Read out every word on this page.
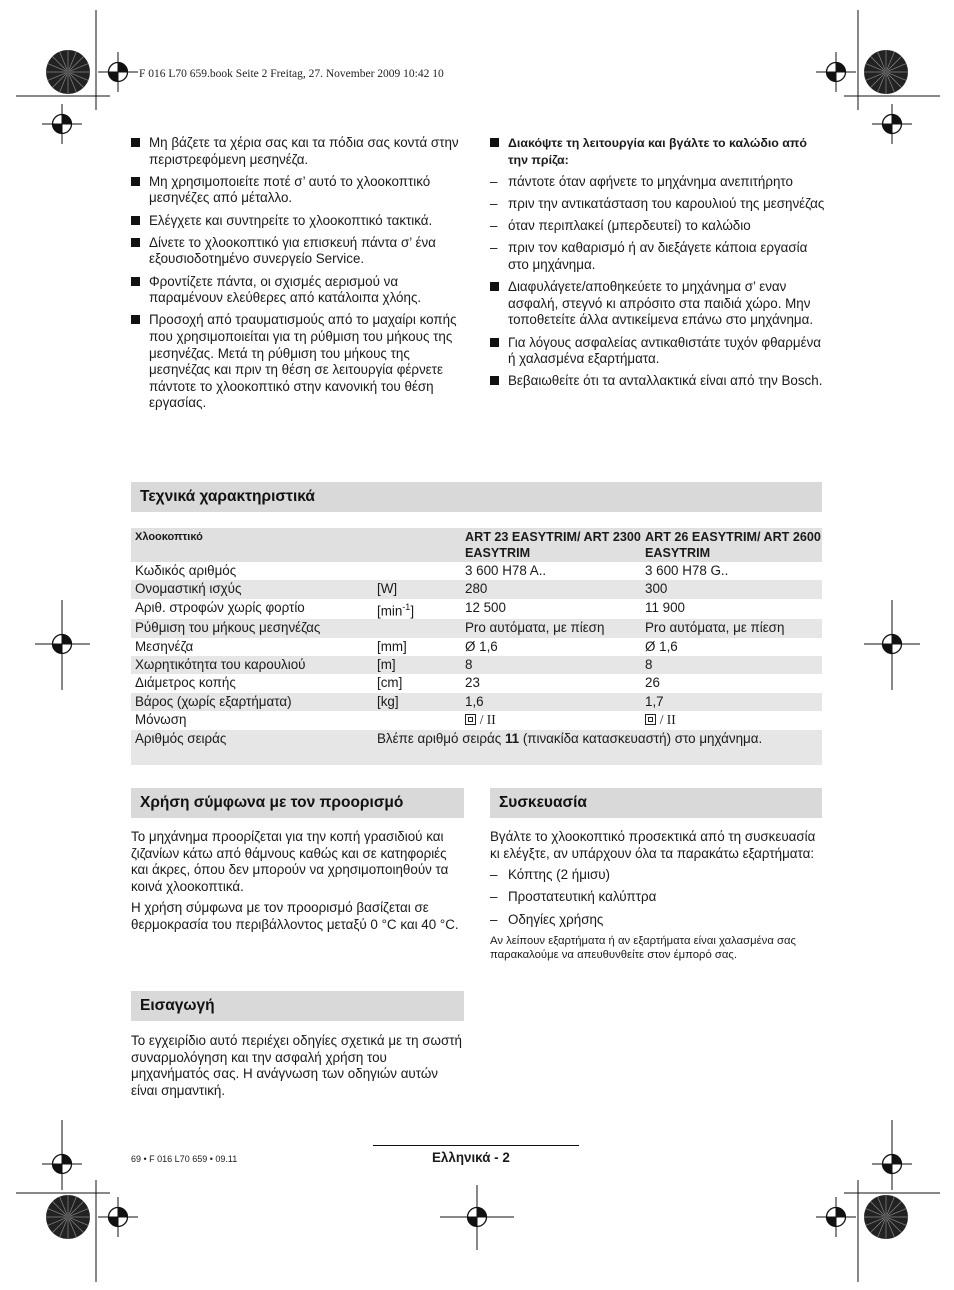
F 016 L70 659.book Seite 2 Freitag, 27. November 2009 10:42 10
Μη βάζετε τα χέρια σας και τα πόδια σας κοντά στην περιστρεφόμενη μεσηνέζα.
Μη χρησιμοποιείτε ποτέ σ’ αυτό το χλοοκοπτικό μεσηνέζες από μέταλλο.
Ελέγχετε και συντηρείτε το χλοοκοπτικό τακτικά.
Δίνετε το χλοοκοπτικό για επισκευή πάντα σ’ ένα εξουσιοδοτημένο συνεργείο Service.
Φροντίζετε πάντα, οι σχισμές αερισμού να παραμένουν ελεύθερες από κατάλοιπα χλόης.
Προσοχή από τραυματισμούς από το μαχαίρι κοπής που χρησιμοποιείται για τη ρύθμιση του μήκους της μεσηνέζας. Μετά τη ρύθμιση του μήκους της μεσηνέζας και πριν τη θέση σε λειτουργία φέρνετε πάντοτε το χλοοκοπτικό στην κανονική του θέση εργασίας.
Διακόψτε τη λειτουργία και βγάλτε το καλώδιο από την πρίζα:
– πάντοτε όταν αφήνετε το μηχάνημα ανεπιτήρητο
– πριν την αντικατάσταση του καρουλιού της μεσηνέζας
– όταν περιπλακεί (μπερδευτεί) το καλώδιο
– πριν τον καθαρισμό ή αν διεξάγετε κάποια εργασία στο μηχάνημα.
Διαφυλάγετε/αποθηκεύετε το μηχάνημα σ’ εναν ασφαλή, στεγνό κι απρόσιτο στα παιδιά χώρο. Μην τοποθετείτε άλλα αντικείμενα επάνω στο μηχάνημα.
Για λόγους ασφαλείας αντικαθιστάτε τυχόν φθαρμένα ή χαλασμένα εξαρτήματα.
Βεβαιωθείτε ότι τα ανταλλακτικά είναι από την Bosch.
Τεχνικά χαρακτηριστικά
Χλοοκοπτικό		ART 23 EASYTRIM/ ART 2300 EASYTRIM	ART 26 EASYTRIM/ ART 2600 EASYTRIM
Κωδικός αριθμός		3 600 H78 A..	3 600 H78 G..
Ονομαστική ισχύς	[W]	280	300
Αριθ. στροφών χωρίς φορτίο	$[\min^{-1}]$	12 500	11 900
Ρύθμιση του μήκους μεσηνέζας		Pro αυτόματα, με πίεση	Pro αυτόματα, με πίεση
Μεσηνέζα	[mm]	Ø 1,6	Ø 1,6
Χωρητικότητα του καρουλιού	[m]	8	8
Διάμετρος κοπής	[cm]	23	26
Βάρος (χωρίς εξαρτήματα)	[kg]	1,6	1,7
Μόνωση		/ II	/ II
Αριθμός σειράς	Βλέπε αριθμό σειράς 11 (πινακίδα κατασκευαστή) στο μηχάνημα.		
Χρήση σύμφωνα με τον προορισμό

Το μηχάνημα προορίζεται για την κοπή γρασιδιού και ζιζανίων κάτω από θάμνους καθώς και σε κατηφοριές και άκρες, όπου δεν μπορούν να χρησιμοποιηθούν τα κοινά χλοοκοπτικά.

Η χρήση σύμφωνα με τον προορισμό βασίζεται σε θερμοκρασία του περιβάλλοντος μεταξύ 0 °C και 40 °C.

Εισαγωγή

Το εγχειρίδιο αυτό περιέχει οδηγίες σχετικά με τη σωστή συναρμολόγηση και την ασφαλή χρήση του μηχανήματός σας. Η ανάγνωση των οδηγιών αυτών είναι σημαντική.

Συσκευασία

Βγάλτε το χλοοκοπτικό προσεκτικά από τη συσκευασία κι ελέγξτε, αν υπάρχουν όλα τα παρακάτω εξαρτήματα:

– Κόπτης (2 ήμισυ)
– Προστατευτική καλύπτρα
– Οδηγίες χρήσης

Αν λείπουν εξαρτήματα ή αν εξαρτήματα είναι χαλασμένα σας παρακαλούμε να απευθυνθείτε στον έμπορό σας.

69 • F 016 L70 659 • 09.11	Ελληνικά - 2
